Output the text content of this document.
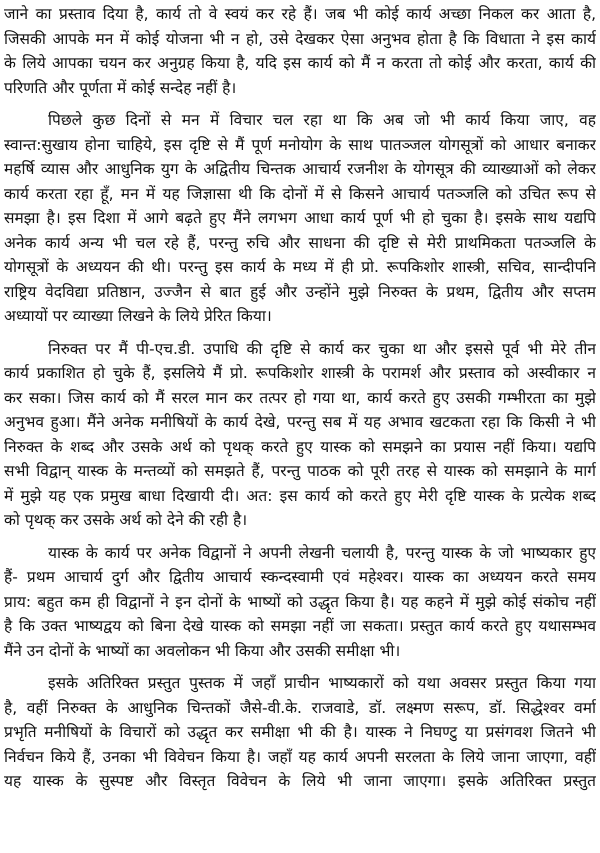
जाने का प्रस्ताव दिया है, कार्य तो वे स्वयं कर रहे हैं। जब भी कोई कार्य अच्छा निकल कर आता है,
जिसकी आपके मन में कोई योजना भी न हो, उसे देखकर ऐसा अनुभव होता है कि विधाता ने इस कार्य
के लिये आपका चयन कर अनुग्रह किया है, यदि इस कार्य को मैं न करता तो कोई और करता, कार्य की
परिणति और पूर्णता में कोई सन्देह नहीं है।
पिछले कुछ दिनों से मन में विचार चल रहा था कि अब जो भी कार्य किया जाए, वह
स्वान्त:सुखाय होना चाहिये, इस दृष्टि से मैं पूर्ण मनोयोग के साथ पातञ्जल योगसूत्रों को आधार बनाकर
महर्षि व्यास और आधुनिक युग के अद्वितीय चिन्तक आचार्य रजनीश के योगसूत्र की व्याख्याओं को लेकर
कार्य करता रहा हूँ, मन में यह जिज्ञासा थी कि दोनों में से किसने आचार्य पतञ्जलि को उचित रूप से
समझा है। इस दिशा में आगे बढ़ते हुए मैंने लगभग आधा कार्य पूर्ण भी हो चुका है। इसके साथ यद्यपि
अनेक कार्य अन्य भी चल रहे हैं, परन्तु रुचि और साधना की दृष्टि से मेरी प्राथमिकता पतञ्जलि के
योगसूत्रों के अध्ययन की थी। परन्तु इस कार्य के मध्य में ही प्रो. रूपकिशोर शास्त्री, सचिव, सान्दीपनि
राष्ट्रिय वेदविद्या प्रतिष्ठान, उज्जैन से बात हुई और उन्होंने मुझे निरुक्त के प्रथम, द्वितीय और सप्तम
अध्यायों पर व्याख्या लिखने के लिये प्रेरित किया।
निरुक्त पर मैं पी-एच.डी. उपाधि की दृष्टि से कार्य कर चुका था और इससे पूर्व भी मेरे तीन
कार्य प्रकाशित हो चुके हैं, इसलिये मैं प्रो. रूपकिशोर शास्त्री के परामर्श और प्रस्ताव को अस्वीकार न
कर सका। जिस कार्य को मैं सरल मान कर तत्पर हो गया था, कार्य करते हुए उसकी गम्भीरता का मुझे
अनुभव हुआ। मैंने अनेक मनीषियों के कार्य देखे, परन्तु सब में यह अभाव खटकता रहा कि किसी ने भी
निरुक्त के शब्द और उसके अर्थ को पृथक् करते हुए यास्क को समझने का प्रयास नहीं किया। यद्यपि
सभी विद्वान् यास्क के मन्तव्यों को समझते हैं, परन्तु पाठक को पूरी तरह से यास्क को समझाने के मार्ग
में मुझे यह एक प्रमुख बाधा दिखायी दी। अत: इस कार्य को करते हुए मेरी दृष्टि यास्क के प्रत्येक शब्द
को पृथक् कर उसके अर्थ को देने की रही है।
यास्क के कार्य पर अनेक विद्वानों ने अपनी लेखनी चलायी है, परन्तु यास्क के जो भाष्यकार हुए
हैं- प्रथम आचार्य दुर्ग और द्वितीय आचार्य स्कन्दस्वामी एवं महेश्वर। यास्क का अध्ययन करते समय
प्राय: बहुत कम ही विद्वानों ने इन दोनों के भाष्यों को उद्धृत किया है। यह कहने में मुझे कोई संकोच नहीं
है कि उक्त भाष्यद्वय को बिना देखे यास्क को समझा नहीं जा सकता। प्रस्तुत कार्य करते हुए यथासम्भव
मैंने उन दोनों के भाष्यों का अवलोकन भी किया और उसकी समीक्षा भी।
इसके अतिरिक्त प्रस्तुत पुस्तक में जहाँ प्राचीन भाष्यकारों को यथा अवसर प्रस्तुत किया गया
है, वहीं निरुक्त के आधुनिक चिन्तकों जैसे-वी.के. राजवाडे, डॉ. लक्ष्मण सरूप, डॉ. सिद्धेश्वर वर्मा
प्रभृति मनीषियों के विचारों को उद्धृत कर समीक्षा भी की है। यास्क ने निघण्टु या प्रसंगवश जितने भी
निर्वचन किये हैं, उनका भी विवेचन किया है। जहाँ यह कार्य अपनी सरलता के लिये जाना जाएगा, वहीं
यह यास्क के सुस्पष्ट और विस्तृत विवेचन के लिये भी जाना जाएगा। इसके अतिरिक्त प्रस्तुत
